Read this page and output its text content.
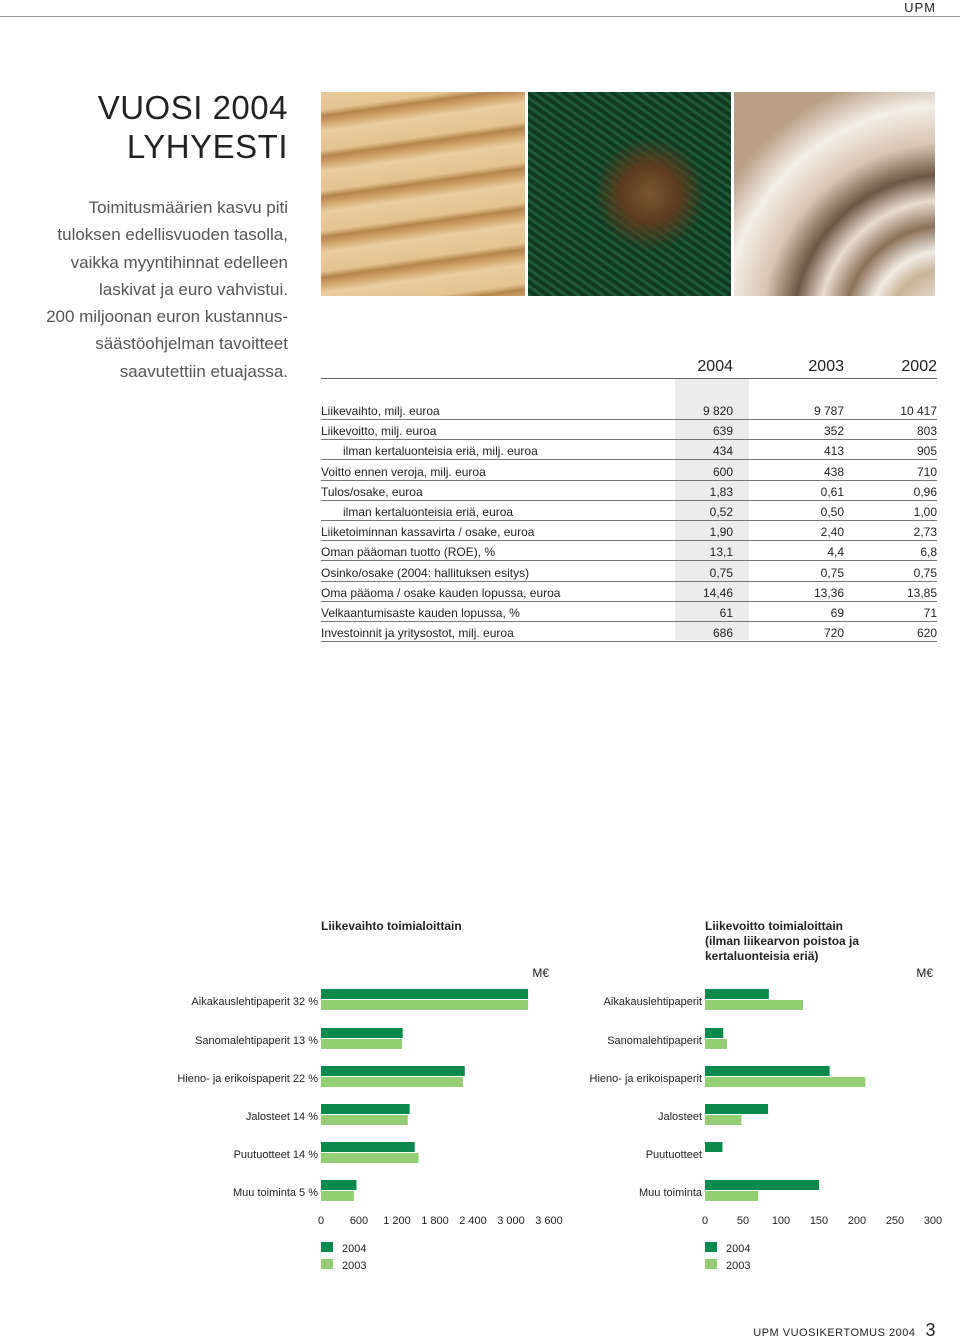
UPM
VUOSI 2004
LYHYESTI
Toimitusmäärien kasvu piti
tuloksen edellisvuoden tasolla,
vaikka myyntihinnat edelleen
laskivat ja euro vahvistui.
200 miljoonan euron kustannus-
säästöohjelman tavoitteet
saavutettiin etuajassa.	2004	2003	2002
Liikevaihto, milj. euroa	9 820	9 787	10 417
Liikevoitto, milj. euroa	639	352	803
ilman kertaluonteisia eriä, milj. euroa	434	413	905
Voitto ennen veroja, milj. euroa	600	438	710
Tulos/osake, euroa	1,83	0,61	0,96
ilman kertaluonteisia eriä, euroa	0,52	0,50	1,00
Liiketoiminnan kassavirta / osake, euroa	1,90	2,40	2,73
Oman pääoman tuotto (ROE), %	13,1	4,4	6,8
Osinko/osake (2004: hallituksen esitys)	0,75	0,75	0,75
Oma pääoma / osake kauden lopussa, euroa	14,46	13,36	13,85
Velkaantumisaste kauden lopussa, %	61	69	71
Investoinnit ja yritysostot, milj. euroa	686	720	620
Liikevaihto toimialoittain
M€
Aikakauslehtipaperit 32 %
Sanomalehtipaperit 13 %
Hieno- ja erikoispaperit 22 %
Jalosteet 14 %
Puutuotteet 14 %
Muu toiminta 5 %
0 600 1 200 1 800 2 400 3 000 3 600
2004
2003
Liikevoitto toimialoittain
(ilman liikearvon poistoa ja
kertaluonteisia eriä)
M€
Aikakauslehtipaperit
Sanomalehtipaperit
Hieno- ja erikoispaperit
Jalosteet
Puutuotteet
Muu toiminta
0	50 100 150 200 250 300
2004
2003
UPM VUOSIKERTOMUS 2004 3
